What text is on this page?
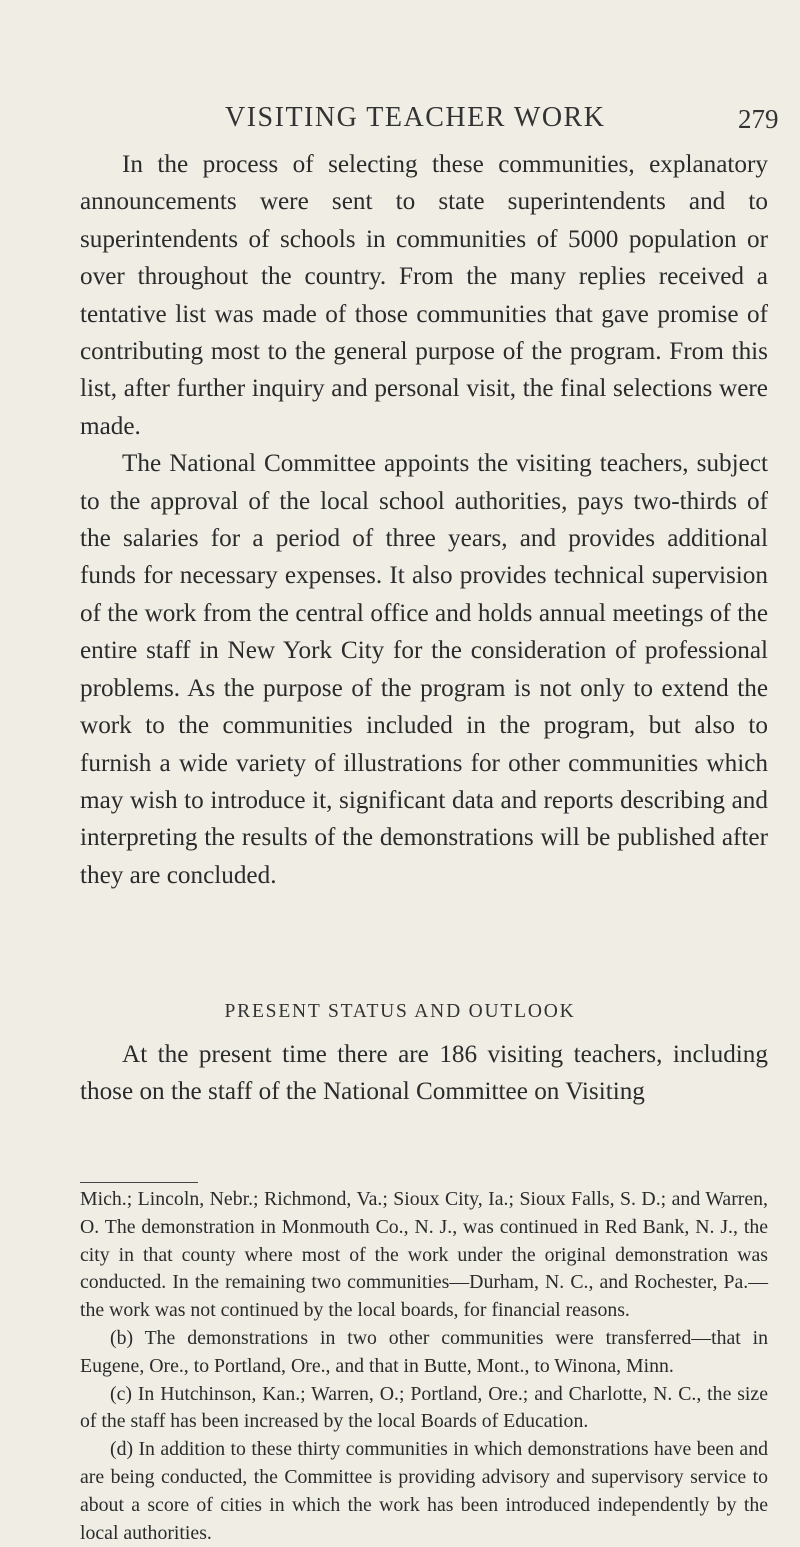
VISITING TEACHER WORK	279

In the process of selecting these communities, explanatory announcements were sent to state superintendents and to superintendents of schools in communities of 5000 population or over throughout the country. From the many replies received a tentative list was made of those communities that gave promise of contributing most to the general purpose of the program. From this list, after further inquiry and personal visit, the final selections were made.

The National Committee appoints the visiting teachers, subject to the approval of the local school authorities, pays two-thirds of the salaries for a period of three years, and provides additional funds for necessary expenses. It also provides technical supervision of the work from the central office and holds annual meetings of the entire staff in New York City for the consideration of professional problems. As the purpose of the program is not only to extend the work to the communities included in the program, but also to furnish a wide variety of illustrations for other communities which may wish to introduce it, significant data and reports describing and interpreting the results of the demonstrations will be published after they are concluded.

PRESENT STATUS AND OUTLOOK

At the present time there are 186 visiting teachers, including those on the staff of the National Committee on Visiting

Mich.; Lincoln, Nebr.; Richmond, Va.; Sioux City, Ia.; Sioux Falls, S. D.; and Warren, O. The demonstration in Monmouth Co., N. J., was continued in Red Bank, N. J., the city in that county where most of the work under the original demonstration was conducted. In the remaining two communities—Durham, N. C., and Rochester, Pa.—the work was not continued by the local boards, for financial reasons.

(b) The demonstrations in two other communities were transferred—that in Eugene, Ore., to Portland, Ore., and that in Butte, Mont., to Winona, Minn.

(c) In Hutchinson, Kan.; Warren, O.; Portland, Ore.; and Charlotte, N. C., the size of the staff has been increased by the local Boards of Education.

(d) In addition to these thirty communities in which demonstrations have been and are being conducted, the Committee is providing advisory and supervisory service to about a score of cities in which the work has been introduced independently by the local authorities.
